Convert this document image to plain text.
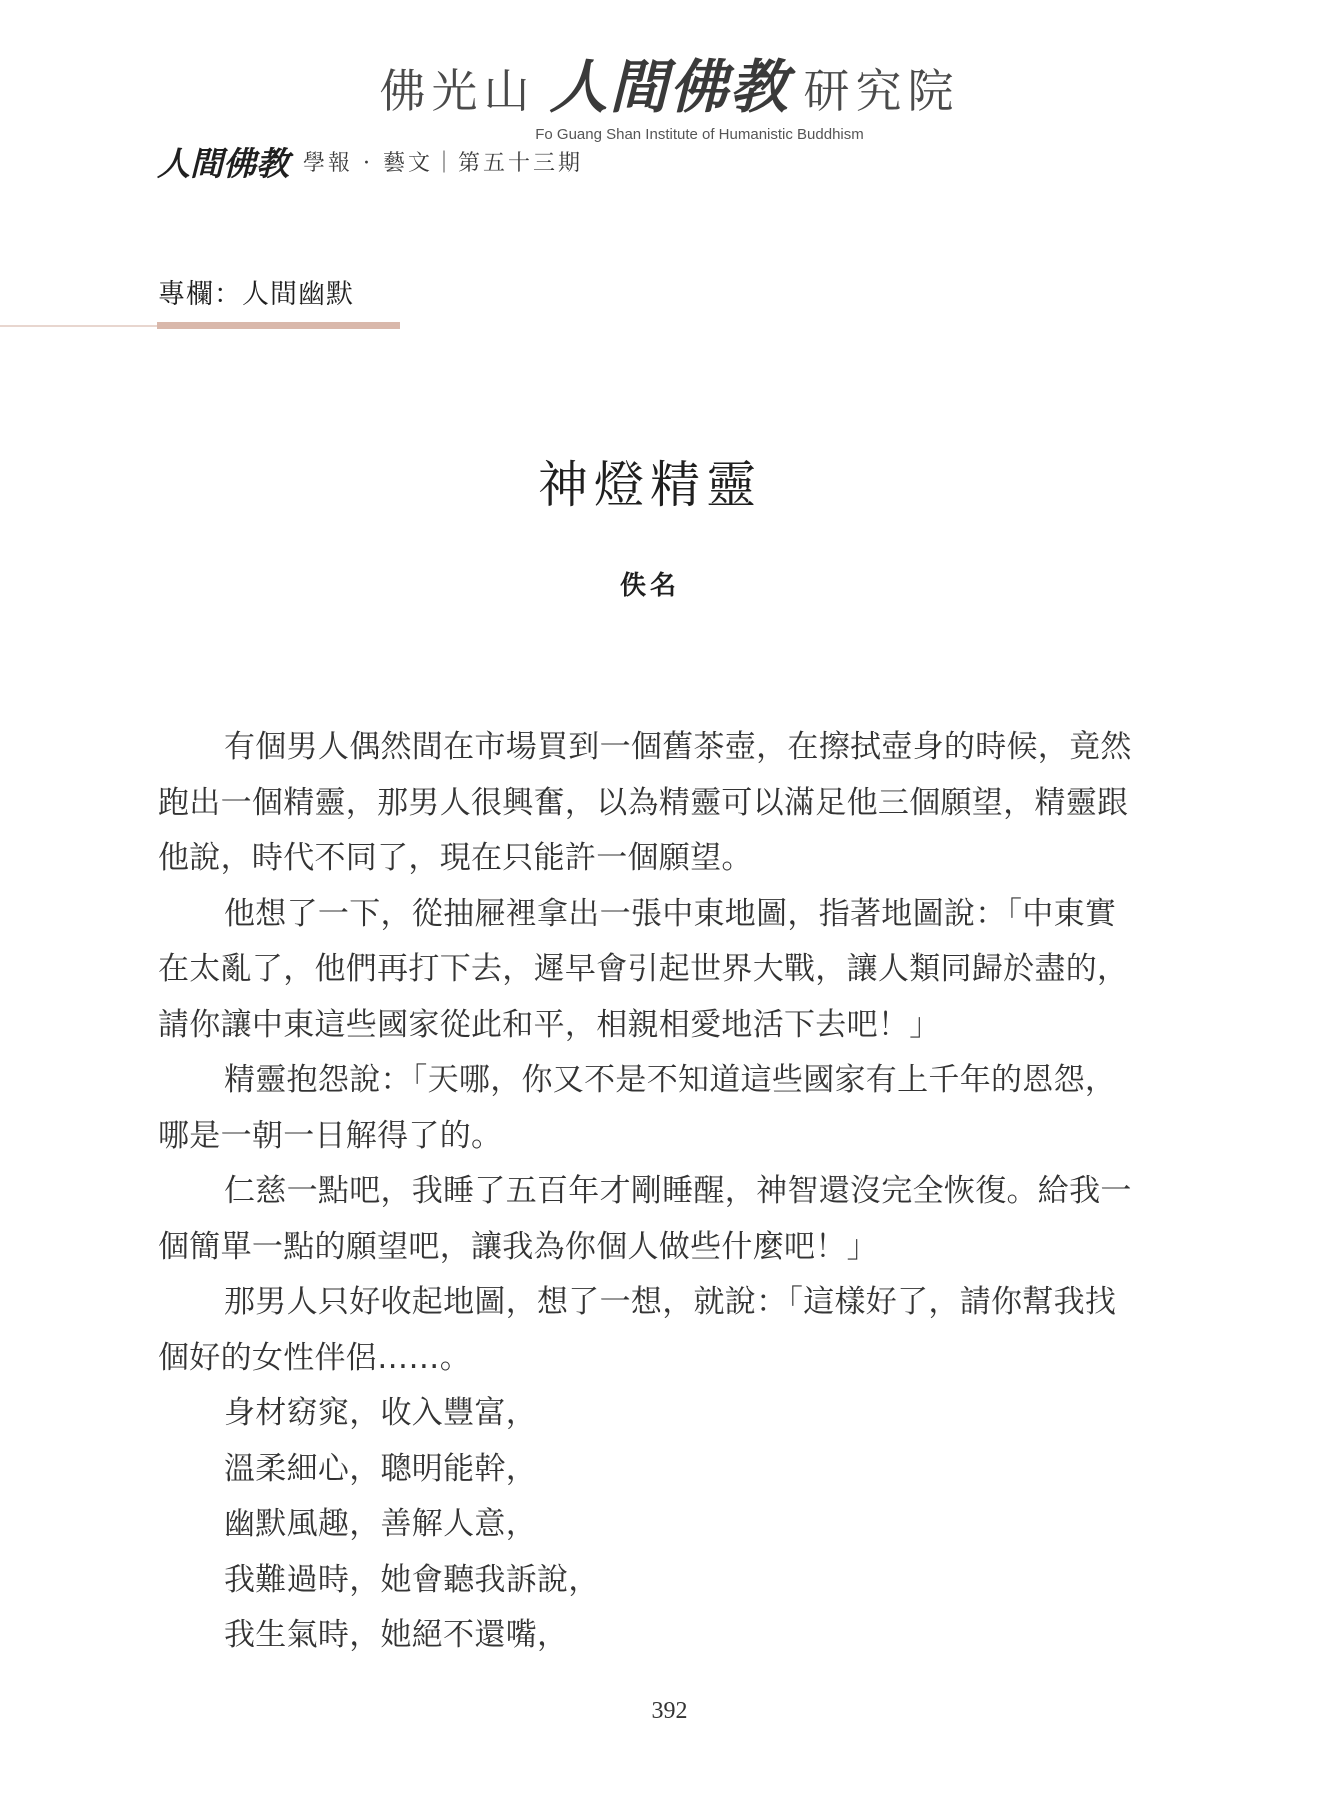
佛光山 人間佛教 研究院
Fo Guang Shan Institute of Humanistic Buddhism
人間佛教 學報 · 藝文｜第五十三期
專欄：人間幽默
神燈精靈
佚名

有個男人偶然間在市場買到一個舊茶壺，在擦拭壺身的時候，竟然跑出一個精靈，那男人很興奮，以為精靈可以滿足他三個願望，精靈跟他說，時代不同了，現在只能許一個願望。

他想了一下，從抽屜裡拿出一張中東地圖，指著地圖說：「中東實在太亂了，他們再打下去，遲早會引起世界大戰，讓人類同歸於盡的，請你讓中東這些國家從此和平，相親相愛地活下去吧！」

精靈抱怨說：「天哪，你又不是不知道這些國家有上千年的恩怨，哪是一朝一日解得了的。

仁慈一點吧，我睡了五百年才剛睡醒，神智還沒完全恢復。給我一個簡單一點的願望吧，讓我為你個人做些什麼吧！」

那男人只好收起地圖，想了一想，就說：「這樣好了，請你幫我找個好的女性伴侶……。

身材窈窕，收入豐富，

溫柔細心，聰明能幹，

幽默風趣，善解人意，

我難過時，她會聽我訴說，

我生氣時，她絕不還嘴，

392
